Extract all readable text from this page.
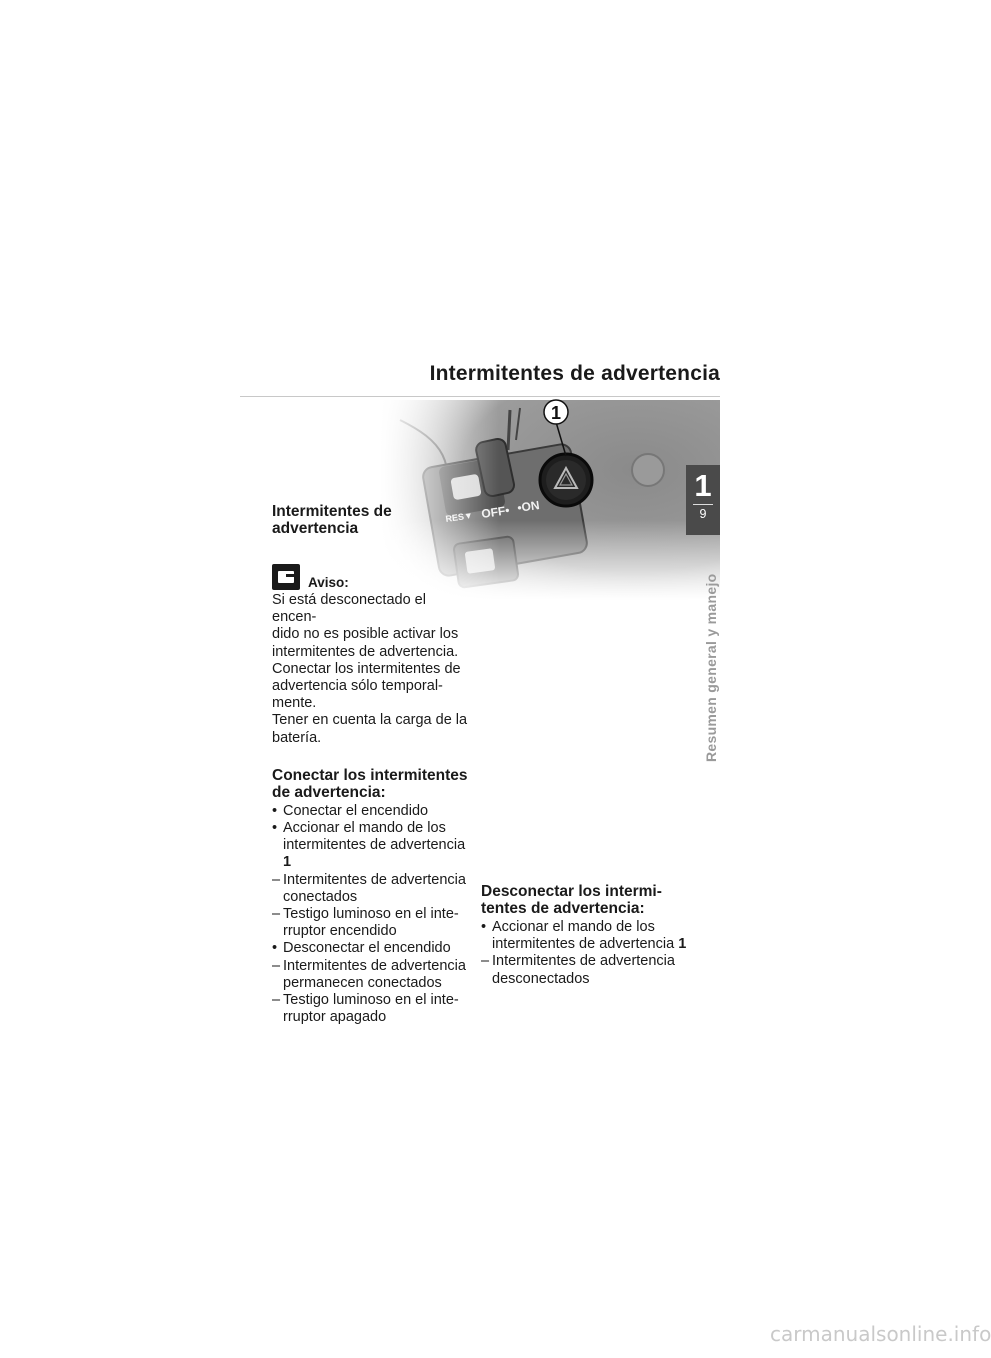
Intermitentes de advertencia
Intermitentes de advertencia
Aviso:

Si está desconectado el encen-
dido no es posible activar los
intermitentes de advertencia.
Conectar los intermitentes de
advertencia sólo temporal-
mente.
Tener en cuenta la carga de la
batería.

Conectar los intermitentes de advertencia:
• Conectar el encendido
• Accionar el mando de los intermitentes de advertencia 1
– Intermitentes de advertencia conectados
– Testigo luminoso en el inte-rruptor encendido
• Desconectar el encendido
– Intermitentes de advertencia permanecen conectados
– Testigo luminoso en el inte-rruptor apagado
Desconectar los intermi-tentes de advertencia:
• Accionar el mando de los intermitentes de advertencia 1
– Intermitentes de advertencia desconectados
1
9
Resumen general y manejo
carmanualsonline.info
